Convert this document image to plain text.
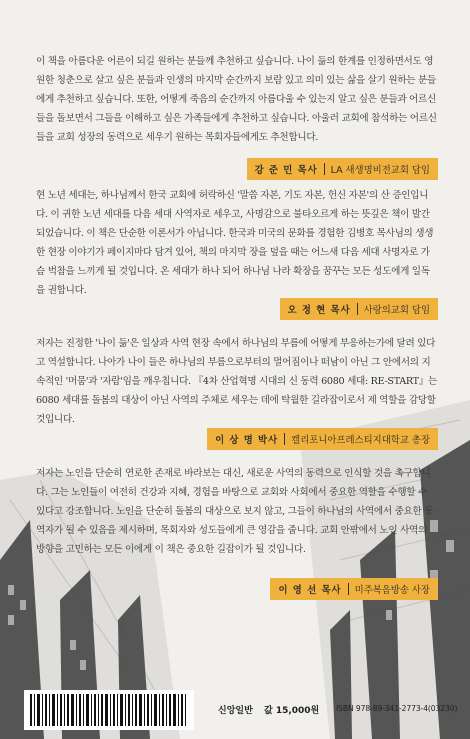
이 책을 아름다운 어른이 되길 원하는 분들께 추천하고 싶습니다. 나이 듦의 한계를 인정하면서도 영원한 청춘으로 살고 싶은 분들과 인생의 마지막 순간까지 보람 있고 의미 있는 삶을 살기 원하는 분들에게 추천하고 싶습니다. 또한, 어떻게 죽음의 순간까지 아름다울 수 있는지 알고 싶은 분들과 어르신들을 돌보면서 그들을 이해하고 싶은 가족들에게 추천하고 싶습니다. 아울러 교회에 참석하는 어르신들을 교회 성장의 동력으로 세우기 원하는 목회자들에게도 추천합니다.

강 준 민 목사	LA 새생명비전교회 담임

현 노년 세대는, 하나님께서 한국 교회에 허락하신 '말씀 자본, 기도 자본, 헌신 자본'의 산 증인입니다. 이 귀한 노년 세대를 다음 세대 사역자로 세우고, 사명감으로 불타오르게 하는 뜻깊은 책이 발간되었습니다. 이 책은 단순한 이론서가 아닙니다. 한국과 미국의 문화를 경험한 김병호 목사님의 생생한 현장 이야기가 페이지마다 담겨 있어, 책의 마지막 장을 덮을 때는 어느새 다음 세대 사명자로 가슴 벅참을 느끼게 될 것입니다. 온 세대가 하나 되어 하나님 나라 확장을 꿈꾸는 모든 성도에게 일독을 권합니다.

오 정 현 목사	사랑의교회 담임

저자는 진정한 '나이 듦'은 일상과 사역 현장 속에서 하나님의 부름에 어떻게 부응하는가에 달려 있다고 역설합니다. 나아가 나이 들은 하나님의 부름으로부터의 멀어짐이나 떠남이 아닌 그 안에서의 지속적인 '머뭄'과 '자람'임을 깨우칩니다. 『4차 산업혁명 시대의 신 동력 6080 세대: RE-START』는 6080 세대를 돌봄의 대상이 아닌 사역의 주체로 세우는 데에 탁월한 길라잡이로서 제 역할을 감당할 것입니다.

이 상 명 박사	캘리포니아프레스티지대학교 총장

저자는 노인을 단순히 연로한 존재로 바라보는 대신, 새로운 사역의 동력으로 인식할 것을 촉구합니다. 그는 노인들이 여전히 건강과 지혜, 경험을 바탕으로 교회와 사회에서 중요한 역할을 수행할 수 있다고 강조합니다. 노인을 단순히 돌봄의 대상으로 보지 않고, 그들이 하나님의 사역에서 중요한 동역자가 될 수 있음을 제시하며, 목회자와 성도들에게 큰 영감을 줍니다. 교회 안팎에서 노인 사역의 방향을 고민하는 모든 이에게 이 책은 중요한 길잡이가 될 것입니다.

이 영 선 목사	미주복음방송 사장
신앙일반 값 15,000원 ISBN 978-89-341-2773-4(03230)
